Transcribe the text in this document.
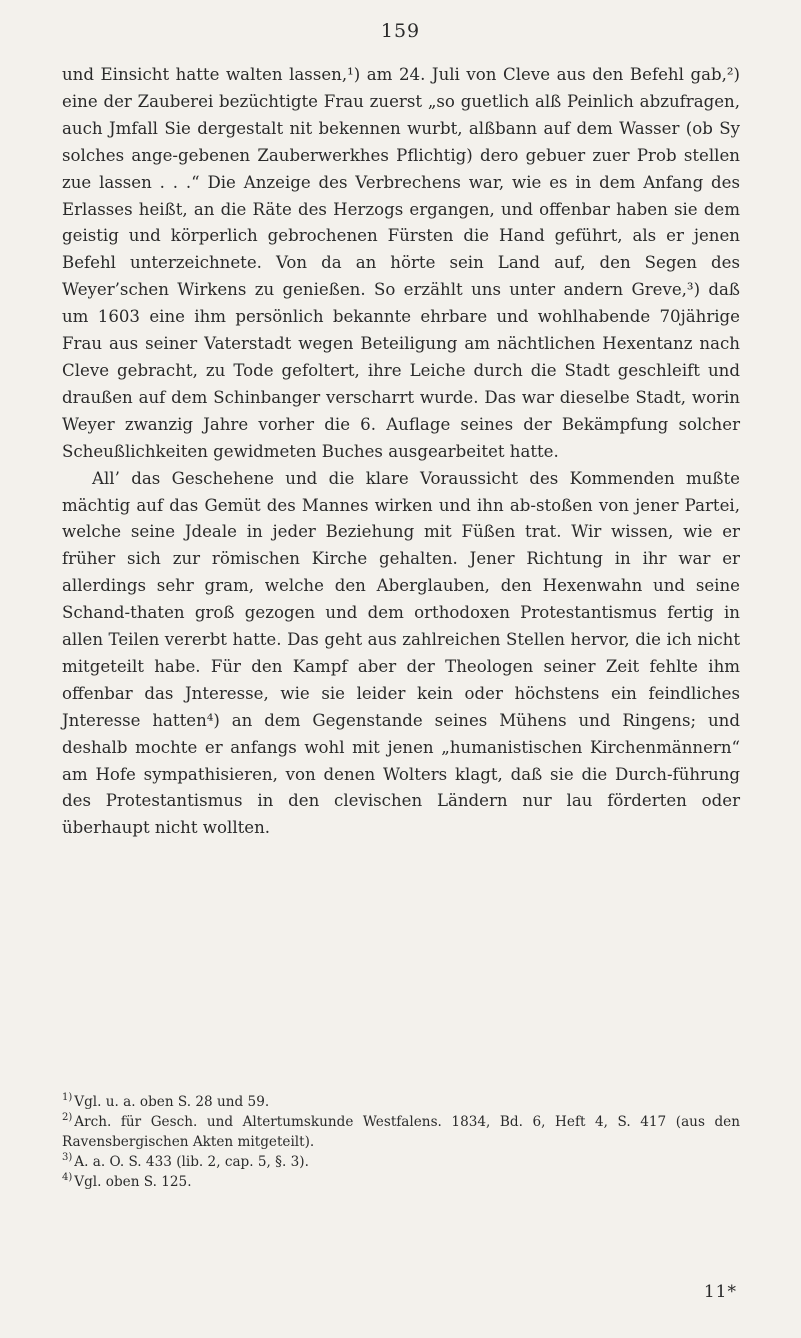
159

und Einsicht hatte walten lassen,¹) am 24. Juli von Cleve aus den Befehl gab,²) eine der Zauberei bezüchtigte Frau zuerst „so guetlich alß Peinlich abzufragen, auch Jmfall Sie dergestalt nit bekennen wurbt, alßbann auf dem Wasser (ob Sy solches ange-gebenen Zauberwerkhes Pflichtig) dero gebuer zuer Prob stellen zue lassen . . .“ Die Anzeige des Verbrechens war, wie es in dem Anfang des Erlasses heißt, an die Räte des Herzogs ergangen, und offenbar haben sie dem geistig und körperlich gebrochenen Fürsten die Hand geführt, als er jenen Befehl unterzeichnete. Von da an hörte sein Land auf, den Segen des Weyer’schen Wirkens zu genießen. So erzählt uns unter andern Greve,³) daß um 1603 eine ihm persönlich bekannte ehrbare und wohlhabende 70jährige Frau aus seiner Vaterstadt wegen Beteiligung am nächtlichen Hexentanz nach Cleve gebracht, zu Tode gefoltert, ihre Leiche durch die Stadt geschleift und draußen auf dem Schinbanger verscharrt wurde. Das war dieselbe Stadt, worin Weyer zwanzig Jahre vorher die 6. Auflage seines der Bekämpfung solcher Scheußlichkeiten gewidmeten Buches ausgearbeitet hatte.

All’ das Geschehene und die klare Voraussicht des Kommenden mußte mächtig auf das Gemüt des Mannes wirken und ihn ab-stoßen von jener Partei, welche seine Jdeale in jeder Beziehung mit Füßen trat. Wir wissen, wie er früher sich zur römischen Kirche gehalten. Jener Richtung in ihr war er allerdings sehr gram, welche den Aberglauben, den Hexenwahn und seine Schand-thaten groß gezogen und dem orthodoxen Protestantismus fertig in allen Teilen vererbt hatte. Das geht aus zahlreichen Stellen hervor, die ich nicht mitgeteilt habe. Für den Kampf aber der Theologen seiner Zeit fehlte ihm offenbar das Jnteresse, wie sie leider kein oder höchstens ein feindliches Jnteresse hatten⁴) an dem Gegenstande seines Mühens und Ringens; und deshalb mochte er anfangs wohl mit jenen „humanistischen Kirchenmännern“ am Hofe sympathisieren, von denen Wolters klagt, daß sie die Durch-führung des Protestantismus in den clevischen Ländern nur lau förderten oder überhaupt nicht wollten.

$^{1)}$ Vgl. u. a. oben S. 28 und 59.

$^{2)}$ Arch. für Gesch. und Altertumskunde Westfalens. 1834, Bd. 6, Heft 4, S. 417 (aus den Ravensbergischen Akten mitgeteilt).

$^{3)}$ A. a. O. S. 433 (lib. 2, cap. 5, §. 3).

$^{4)}$ Vgl. oben S. 125.

11*
